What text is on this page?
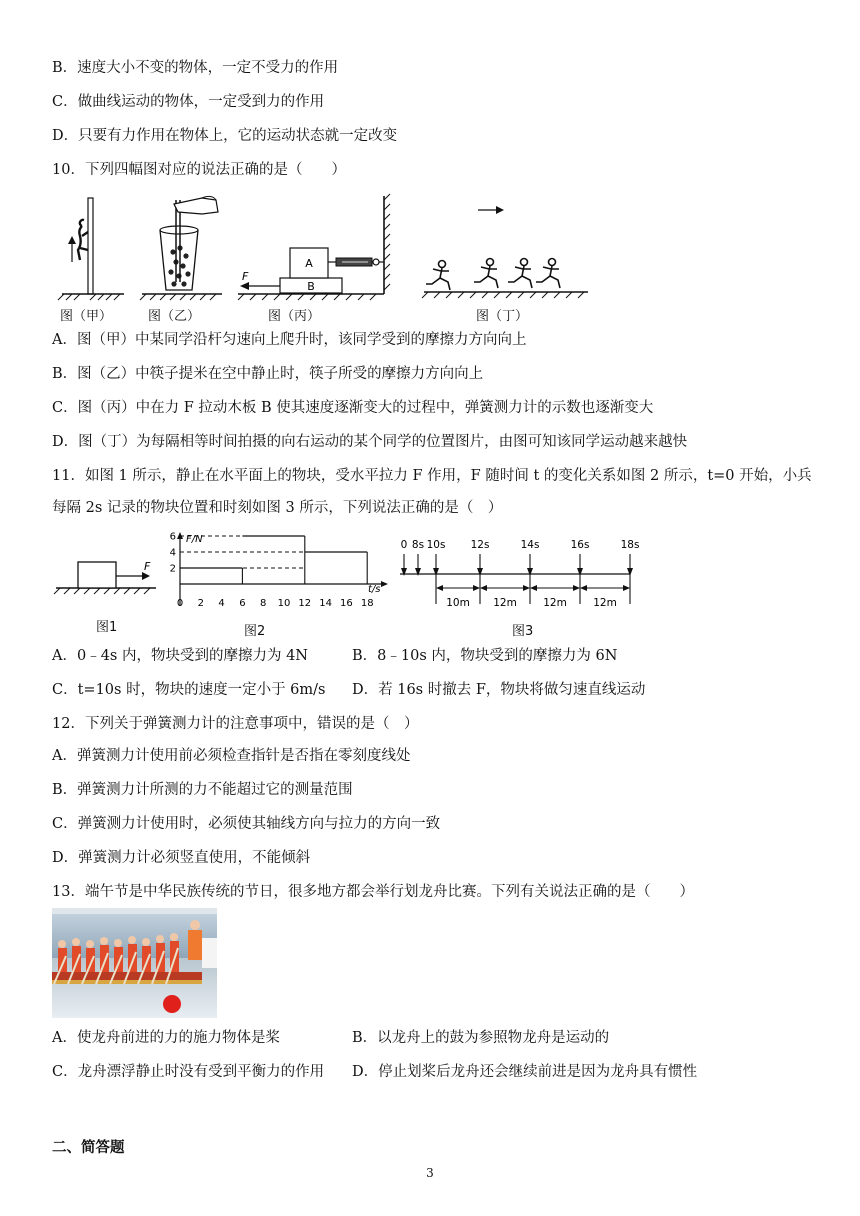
B．速度大小不变的物体，一定不受力的作用
C．做曲线运动的物体，一定受到力的作用
D．只要有力作用在物体上，它的运动状态就一定改变
10．下列四幅图对应的说法正确的是（　　）
A
B
F
图（甲）	图（乙）	图（丙）	图（丁）
A．图（甲）中某同学沿杆匀速向上爬升时，该同学受到的摩擦力方向向上
B．图（乙）中筷子提米在空中静止时，筷子所受的摩擦力方向向上
C．图（丙）中在力 F 拉动木板 B 使其速度逐渐变大的过程中，弹簧测力计的示数也逐渐变大
D．图（丁）为每隔相等时间拍摄的向右运动的某个同学的位置图片，由图可知该同学运动越来越快
11．如图 1 所示，静止在水平面上的物块，受水平拉力 F 作用，F 随时间 t 的变化关系如图 2 所示，t=0 开始，小兵
每隔 2s 记录的物块位置和时刻如图 3 所示，下列说法正确的是（　）
F
F/N
t/s
2
4
6
0 2 4 6 8 10 12 14 16 18
0 8s 10s 12s	14s	16s	18s
10m 12m	12m	12m
图1	图2	图3
A．0﹣4s 内，物块受到的摩擦力为 4N	B．8﹣10s 内，物块受到的摩擦力为 6N
C．t=10s 时，物块的速度一定小于 6m/s D．若 16s 时撤去 F，物块将做匀速直线运动
12．下列关于弹簧测力计的注意事项中，错误的是（　）
A．弹簧测力计使用前必须检查指针是否指在零刻度线处
B．弹簧测力计所测的力不能超过它的测量范围
C．弹簧测力计使用时，必须使其轴线方向与拉力的方向一致
D．弹簧测力计必须竖直使用，不能倾斜
13．端午节是中华民族传统的节日，很多地方都会举行划龙舟比赛。下列有关说法正确的是（　　）
A．使龙舟前进的力的施力物体是桨	B．以龙舟上的鼓为参照物龙舟是运动的
C．龙舟漂浮静止时没有受到平衡力的作用 D．停止划桨后龙舟还会继续前进是因为龙舟具有惯性
二、简答题
3
